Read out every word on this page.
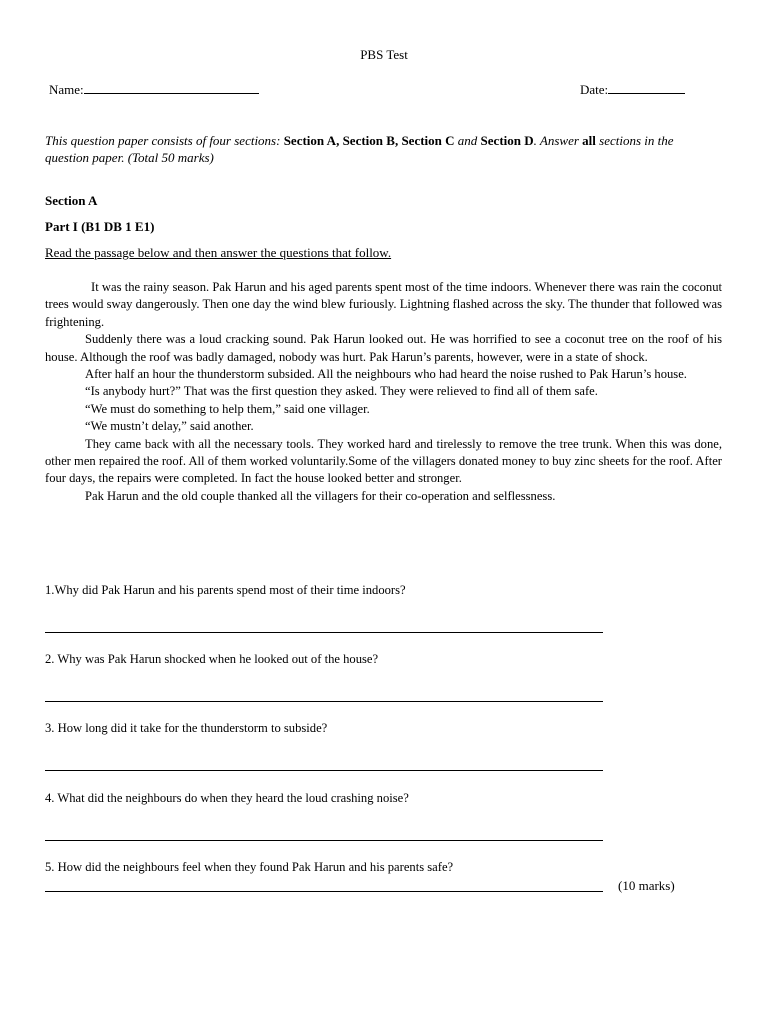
PBS Test
Name:	Date:
This question paper consists of four sections: Section A, Section B, Section C and Section D. Answer all sections in the question paper. (Total 50 marks)
Section A
Part I (B1 DB 1 E1)
Read the passage below and then answer the questions that follow.

It was the rainy season. Pak Harun and his aged parents spent most of the time indoors. Whenever there was rain the coconut trees would sway dangerously. Then one day the wind blew furiously. Lightning flashed across the sky. The thunder that followed was frightening.

Suddenly there was a loud cracking sound. Pak Harun looked out. He was horrified to see a coconut tree on the roof of his house. Although the roof was badly damaged, nobody was hurt. Pak Harun’s parents, however, were in a state of shock.

After half an hour the thunderstorm subsided. All the neighbours who had heard the noise rushed to Pak Harun’s house.

“Is anybody hurt?” That was the first question they asked. They were relieved to find all of them safe.

“We must do something to help them,” said one villager.

“We mustn’t delay,” said another.

They came back with all the necessary tools. They worked hard and tirelessly to remove the tree trunk. When this was done, other men repaired the roof. All of them worked voluntarily.Some of the villagers donated money to buy zinc sheets for the roof. After four days, the repairs were completed. In fact the house looked better and stronger.

Pak Harun and the old couple thanked all the villagers for their co-operation and selflessness.

1.Why did Pak Harun and his parents spend most of their time indoors?
2. Why was Pak Harun shocked when he looked out of the house?
3. How long did it take for the thunderstorm to subside?
4. What did the neighbours do when they heard the loud crashing noise?
5. How did the neighbours feel when they found Pak Harun and his parents safe?
(10 marks)
